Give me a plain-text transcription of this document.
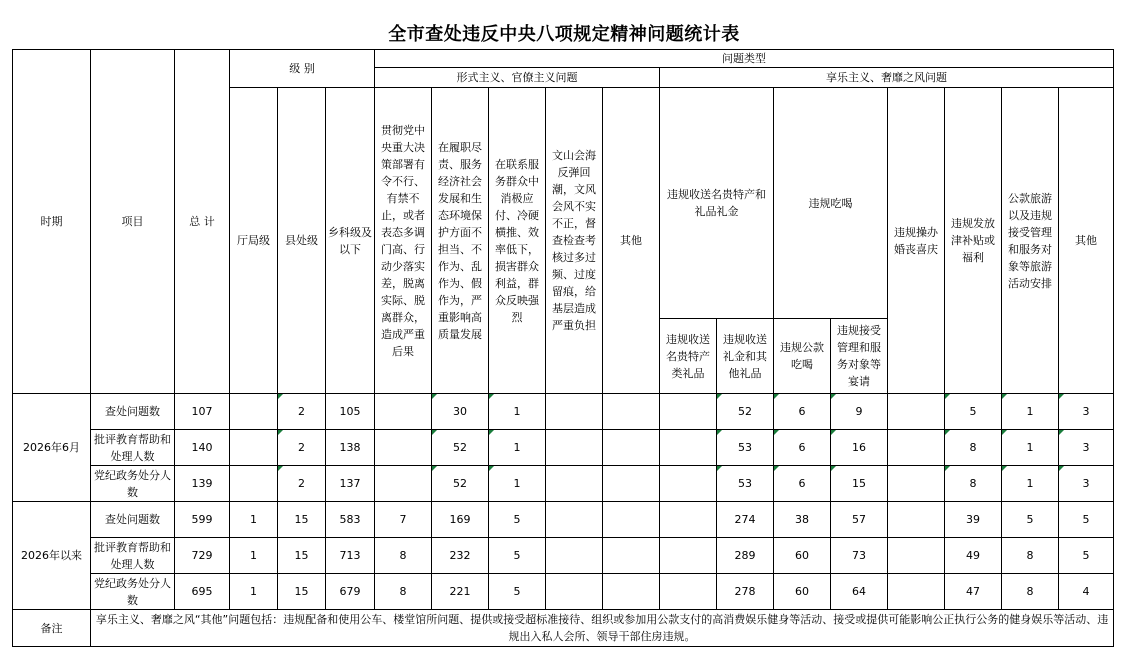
全市查处违反中央八项规定精神问题统计表
时期	项目	总 计	级 别			问题类型												
						形式主义、官僚主义问题					享乐主义、奢靡之风问题							
			厅局级	县处级	乡科级及以下	贯彻党中央重大决策部署有令不行、有禁不止，或者表态多调门高、行动少落实差，脱离实际、脱离群众，造成严重后果	在履职尽责、服务经济社会发展和生态环境保护方面不担当、不作为、乱作为、假作为，严重影响高质量发展	在联系服务群众中消极应付、冷硬横推、效率低下，损害群众利益，群众反映强烈	文山会海反弹回潮，文风会风不实不正，督查检查考核过多过频、过度留痕，给基层造成严重负担	其他	违规收送名贵特产和礼品礼金		违规吃喝		违规操办婚丧喜庆	违规发放津补贴或福利	公款旅游以及违规接受管理和服务对象等旅游活动安排	其他
											违规收送名贵特产类礼品	违规收送礼金和其他礼品	违规公款吃喝	违规接受管理和服务对象等宴请				
2026年6月	查处问题数	107		2	105		30	1				52	6	9		5	1	3
	批评教育帮助和处理人数	140		2	138		52	1				53	6	16		8	1	3
	党纪政务处分人数	139		2	137		52	1				53	6	15		8	1	3
2026年以来	查处问题数	599	1	15	583	7	169	5				274	38	57		39	5	5
	批评教育帮助和处理人数	729	1	15	713	8	232	5				289	60	73		49	8	5
	党纪政务处分人数	695	1	15	679	8	221	5				278	60	64		47	8	4
备注	享乐主义、奢靡之风“其他”问题包括：违规配备和使用公车、楼堂馆所问题、提供或接受超标准接待、组织或参加用公款支付的高消费娱乐健身等活动、接受或提供可能影响公正执行公务的健身娱乐等活动、违规出入私人会所、领导干部住房违规。																	
